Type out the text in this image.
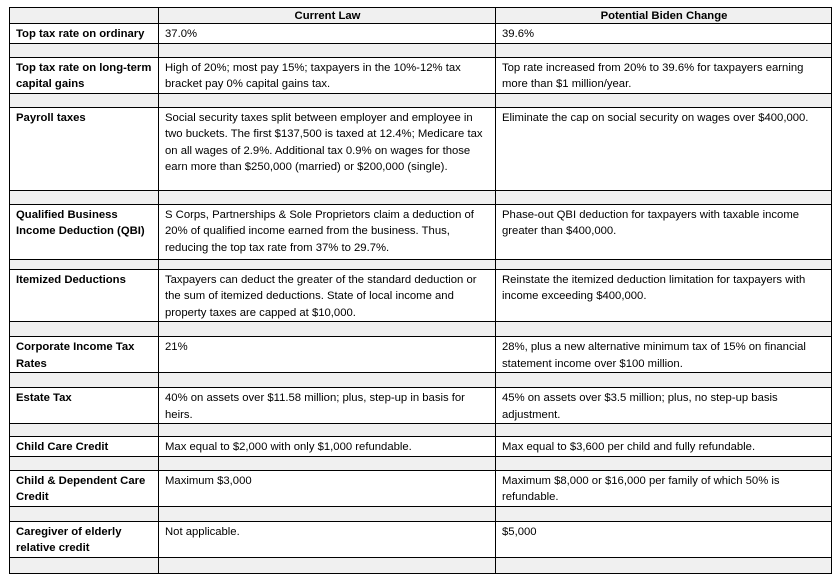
	Current Law	Potential Biden Change
Top tax rate on ordinary	37.0%	39.6%

Top tax rate on long-term capital gains	High of 20%; most pay 15%; taxpayers in the 10%-12% tax bracket pay 0% capital gains tax.	Top rate increased from 20% to 39.6% for taxpayers earning more than $1 million/year.

Payroll taxes	Social security taxes split between employer and employee in two buckets. The first $137,500 is taxed at 12.4%; Medicare tax on all wages of 2.9%. Additional tax 0.9% on wages for those earn more than $250,000 (married) or $200,000 (single).	Eliminate the cap on social security on wages over $400,000.

Qualified Business Income Deduction (QBI)	S Corps, Partnerships & Sole Proprietors claim a deduction of 20% of qualified income earned from the business. Thus, reducing the top tax rate from 37% to 29.7%.	Phase-out QBI deduction for taxpayers with taxable income greater than $400,000.

Itemized Deductions	Taxpayers can deduct the greater of the standard deduction or the sum of itemized deductions. State of local income and property taxes are capped at $10,000.	Reinstate the itemized deduction limitation for taxpayers with income exceeding $400,000.

Corporate Income Tax Rates	21%	28%, plus a new alternative minimum tax of 15% on financial statement income over $100 million.

Estate Tax	40% on assets over $11.58 million; plus, step-up in basis for heirs.	45% on assets over $3.5 million; plus, no step-up basis adjustment.

Child Care Credit	Max equal to $2,000 with only $1,000 refundable.	Max equal to $3,600 per child and fully refundable.

Child & Dependent Care Credit	Maximum $3,000	Maximum $8,000 or $16,000 per family of which 50% is refundable.

Caregiver of elderly relative credit	Not applicable.	$5,000
